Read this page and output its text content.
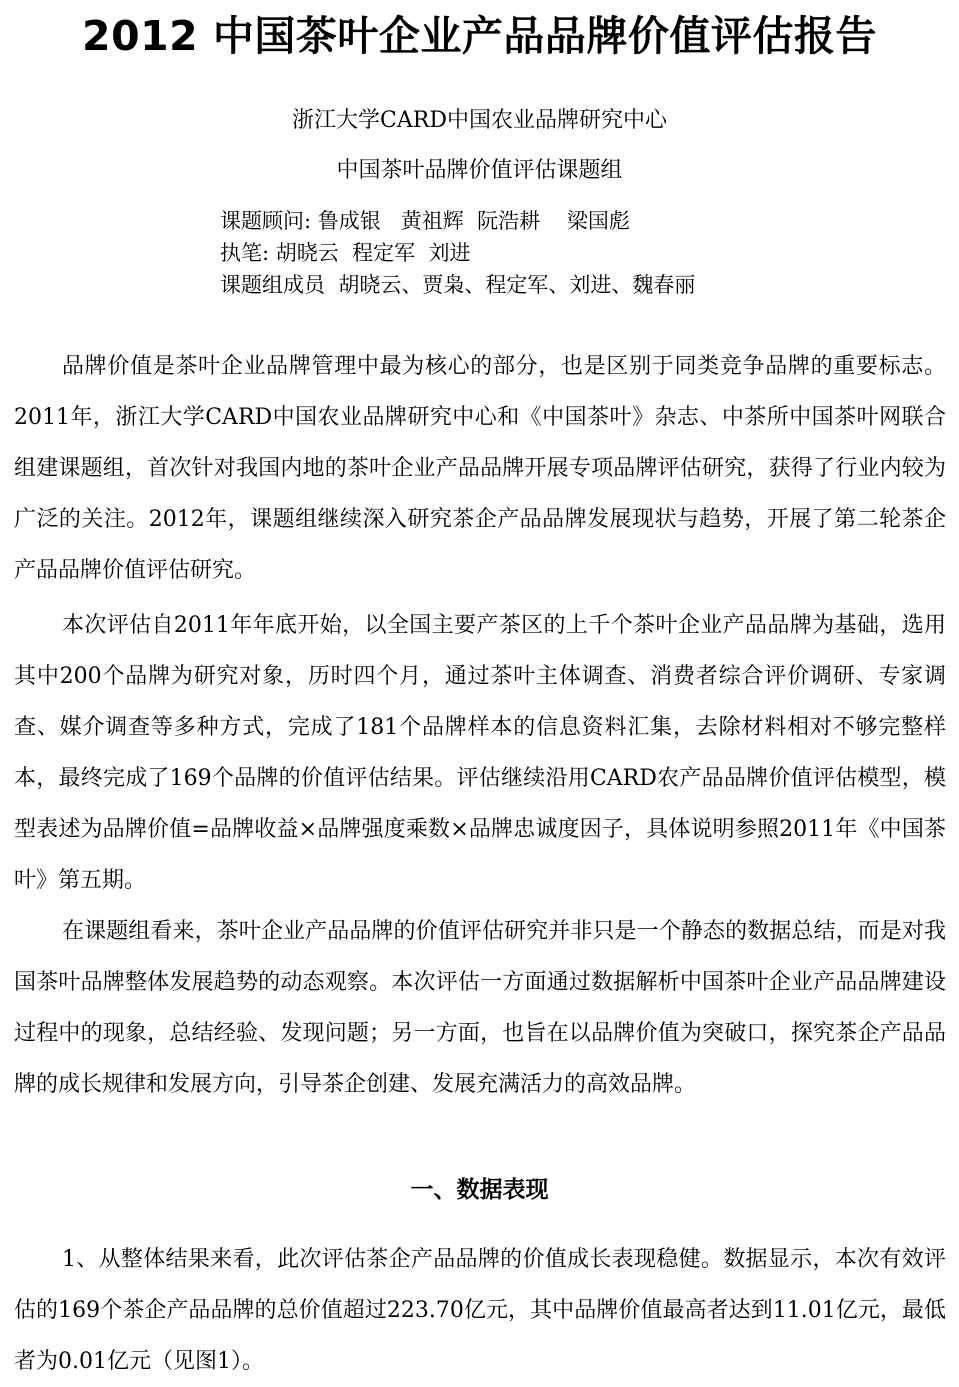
2012 中国茶叶企业产品品牌价值评估报告
浙江大学CARD中国农业品牌研究中心
中国茶叶品牌价值评估课题组
课题顾问: 鲁成银   黄祖辉  阮浩耕    梁国彪
执笔: 胡晓云  程定军  刘进
课题组成员  胡晓云、贾枭、程定军、刘进、魏春丽

品牌价值是茶叶企业品牌管理中最为核心的部分，也是区别于同类竞争品牌的重要标志。2011年，浙江大学CARD中国农业品牌研究中心和《中国茶叶》杂志、中茶所中国茶叶网联合组建课题组，首次针对我国内地的茶叶企业产品品牌开展专项品牌评估研究，获得了行业内较为广泛的关注。2012年，课题组继续深入研究茶企产品品牌发展现状与趋势，开展了第二轮茶企产品品牌价值评估研究。

本次评估自2011年年底开始，以全国主要产茶区的上千个茶叶企业产品品牌为基础，选用其中200个品牌为研究对象，历时四个月，通过茶叶主体调查、消费者综合评价调研、专家调查、媒介调查等多种方式，完成了181个品牌样本的信息资料汇集，去除材料相对不够完整样本，最终完成了169个品牌的价值评估结果。评估继续沿用CARD农产品品牌价值评估模型，模型表述为品牌价值=品牌收益×品牌强度乘数×品牌忠诚度因子，具体说明参照2011年《中国茶叶》第五期。

在课题组看来，茶叶企业产品品牌的价值评估研究并非只是一个静态的数据总结，而是对我国茶叶品牌整体发展趋势的动态观察。本次评估一方面通过数据解析中国茶叶企业产品品牌建设过程中的现象，总结经验、发现问题；另一方面，也旨在以品牌价值为突破口，探究茶企产品品牌的成长规律和发展方向，引导茶企创建、发展充满活力的高效品牌。

一、数据表现

1、从整体结果来看，此次评估茶企产品品牌的价值成长表现稳健。数据显示，本次有效评估的169个茶企产品品牌的总价值超过223.70亿元，其中品牌价值最高者达到11.01亿元，最低者为0.01亿元（见图1）。
